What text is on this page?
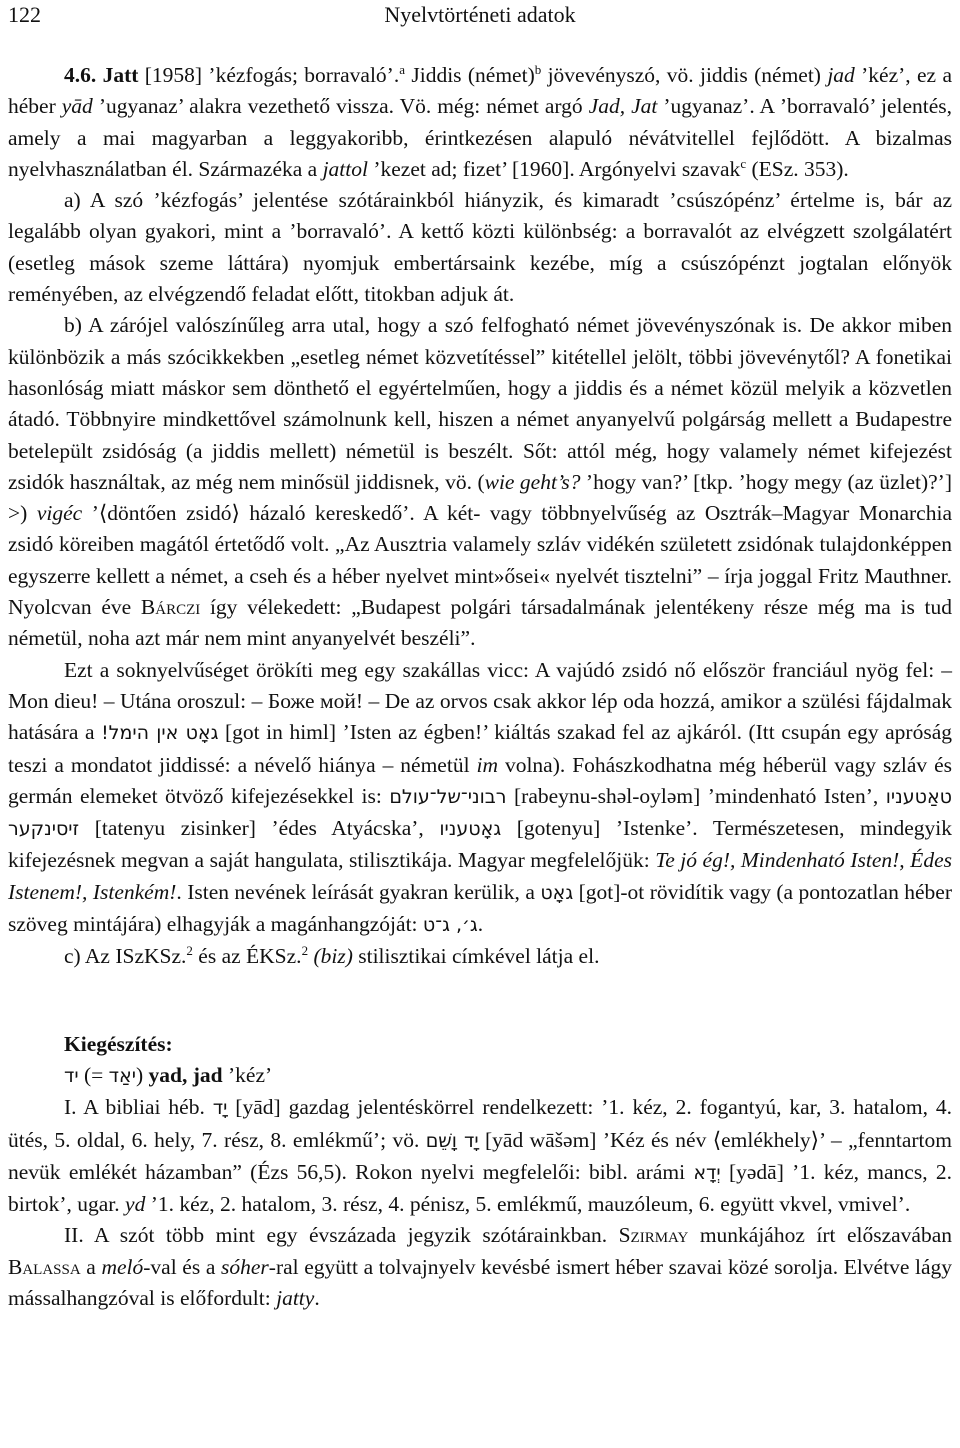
122	Nyelvtörténeti adatok

4.6. Jatt [1958] ’kézfogás; borravaló’.$^a$ Jiddis (német)$^b$ jövevényszó, vö. jiddis (német) jad ’kéz’, ez a héber yād ’ugyanaz’ alakra vezethető vissza. Vö. még: német argó Jad, Jat ’ugyanaz’. A ’borravaló’ jelentés, amely a mai magyarban a leggyakoribb, érintkezésen alapuló névátvitellel fejlődött. A bizalmas nyelvhasználatban él. Származéka a jattol ’kezet ad; fizet’ [1960]. Argónyelvi szavak$^c$ (ESz. 353).

a) A szó ’kézfogás’ jelentése szótárainkból hiányzik, és kimaradt ’csúszópénz’ értelme is, bár az legalább olyan gyakori, mint a ’borravaló’. A kettő közti különbség: a borravalót az elvégzett szolgálatért (esetleg mások szeme láttára) nyomjuk embertársaink kezébe, míg a csúszópénzt jogtalan előnyök reményében, az elvégzendő feladat előtt, titokban adjuk át.

b) A zárójel valószínűleg arra utal, hogy a szó felfogható német jövevényszónak is. De akkor miben különbözik a más szócikkekben „esetleg német közvetítéssel” kitétellel jelölt, többi jövevénytől? A fonetikai hasonlóság miatt máskor sem dönthető el egyértelműen, hogy a jiddis és a német közül melyik a közvetlen átadó. Többnyire mindkettővel számolnunk kell, hiszen a német anyanyelvű polgárság mellett a Budapestre betelepült zsidóság (a jiddis mellett) németül is beszélt. Sőt: attól még, hogy valamely német kifejezést zsidók használtak, az még nem minősül jiddisnek, vö. (wie geht’s? ’hogy van?’ [tkp. ’hogy megy (az üzlet)?’] >) vigéc ’⟨döntően zsidó⟩ házaló kereskedő’. A két- vagy többnyelvűség az Osztrák–Magyar Monarchia zsidó köreiben magától értetődő volt. „Az Ausztria valamely szláv vidékén született zsidónak tulajdonképpen egyszerre kellett a német, a cseh és a héber nyelvet mint»ősei« nyelvét tisztelni” – írja joggal Fritz Mauthner. Nyolcvan éve Bárczi így vélekedett: „Budapest polgári társadalmának jelentékeny része még ma is tud németül, noha azt már nem mint anyanyelvét beszéli”.

Ezt a soknyelvűséget örökíti meg egy szakállas vicc: A vajúdó zsidó nő először franciául nyög fel: – Mon dieu! – Utána oroszul: – Боже мой! – De az orvos csak akkor lép oda hozzá, amikor a szülési fájdalmak hatására a גאָט אין הימל! [got in himl] ’Isten az égben!’ kiáltás szakad fel az ajkáról. (Itt csupán egy apróság teszi a mondatot jiddissé: a névelő hiánya – németül im volna). Fohászkodhatna még héberül vagy szláv és germán elemeket ötvöző kifejezésekkel is: רבוני־של־עולם [rabeynu-shəl-oyləm] ’mindenható Isten’, טאַטעניו זיסינקער [tatenyu zisinker] ’édes Atyácska’, גאָטעניו [gotenyu] ’Istenke’. Természetesen, mindegyik kifejezésnek megvan a saját hangulata, stilisztikája. Magyar megfelelőjük: Te jó ég!, Mindenható Isten!, Édes Istenem!, Istenkém!. Isten nevének leírását gyakran kerülik, a גאָט [got]-ot rövidítik vagy (a pontozatlan héber szöveg mintájára) elhagyják a magánhangzóját: ג׳, ג־ט.

c) Az ISzKSz.$^2$ és az ÉKSz.$^2$ (biz) stilisztikai címkével látja el.

Kiegészítés:

יד (= יאַד) yad, jad ’kéz’

I. A bibliai héb. יָד [yād] gazdag jelentéskörrel rendelkezett: ’1. kéz, 2. fogantyú, kar, 3. hatalom, 4. ütés, 5. oldal, 6. hely, 7. rész, 8. emlékmű’; vö. יָד וָשֵׁם [yād wāšəm] ’Kéz és név ⟨emlékhely⟩’ – „fenntartom nevük emlékét házamban” (Ézs 56,5). Rokon nyelvi megfelelői: bibl. arámi יְדָא [yədā] ’1. kéz, mancs, 2. birtok’, ugar. yd ’1. kéz, 2. hatalom, 3. rész, 4. pénisz, 5. emlékmű, mauzóleum, 6. együtt vkvel, vmivel’.

II. A szót több mint egy évszázada jegyzik szótárainkban. Szirmay munkájához írt előszavában Balassa a meló-val és a sóher-ral együtt a tolvajnyelv kevésbé ismert héber szavai közé sorolja. Elvétve lágy mássalhangzóval is előfordult: jatty.
